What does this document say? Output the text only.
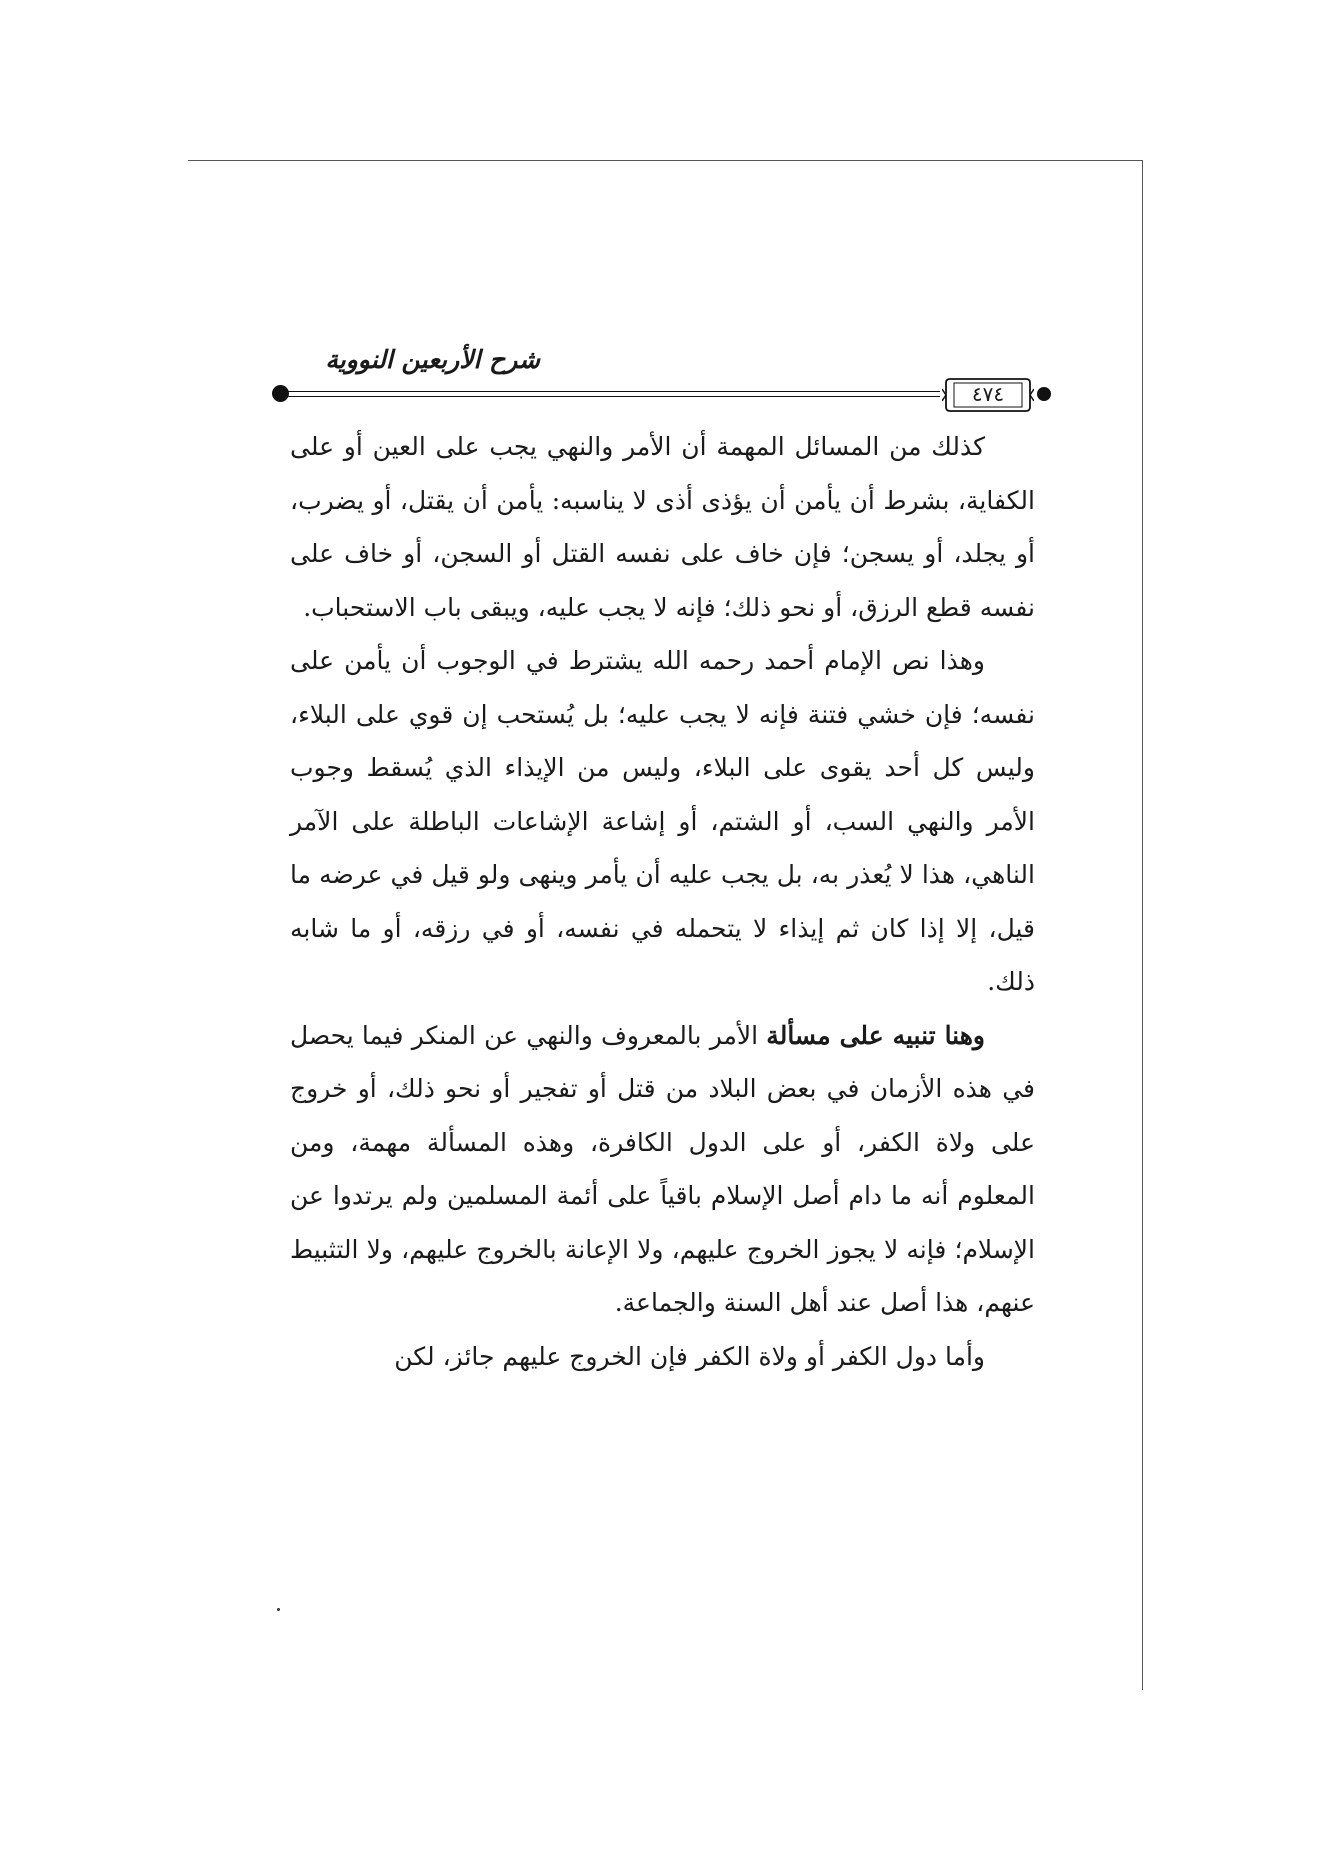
شرح الأربعين النووية
٤٧٤

كذلك من المسائل المهمة أن الأمر والنهي يجب على العين أو على الكفاية، بشرط أن يأمن أن يؤذى أذى لا يناسبه: يأمن أن يقتل، أو يضرب، أو يجلد، أو يسجن؛ فإن خاف على نفسه القتل أو السجن، أو خاف على نفسه قطع الرزق، أو نحو ذلك؛ فإنه لا يجب عليه، ويبقى باب الاستحباب.

وهذا نص الإمام أحمد رحمه الله يشترط في الوجوب أن يأمن على نفسه؛ فإن خشي فتنة فإنه لا يجب عليه؛ بل يُستحب إن قوي على البلاء، وليس كل أحد يقوى على البلاء، وليس من الإيذاء الذي يُسقط وجوب الأمر والنهي السب، أو الشتم، أو إشاعة الإشاعات الباطلة على الآمر الناهي، هذا لا يُعذر به، بل يجب عليه أن يأمر وينهى ولو قيل في عرضه ما قيل، إلا إذا كان ثم إيذاء لا يتحمله في نفسه، أو في رزقه، أو ما شابه ذلك.

وهنا تنبيه على مسألة الأمر بالمعروف والنهي عن المنكر فيما يحصل في هذه الأزمان في بعض البلاد من قتل أو تفجير أو نحو ذلك، أو خروج على ولاة الكفر، أو على الدول الكافرة، وهذه المسألة مهمة، ومن المعلوم أنه ما دام أصل الإسلام باقياً على أئمة المسلمين ولم يرتدوا عن الإسلام؛ فإنه لا يجوز الخروج عليهم، ولا الإعانة بالخروج عليهم، ولا التثبيط عنهم، هذا أصل عند أهل السنة والجماعة.

وأما دول الكفر أو ولاة الكفر فإن الخروج عليهم جائز، لكن
